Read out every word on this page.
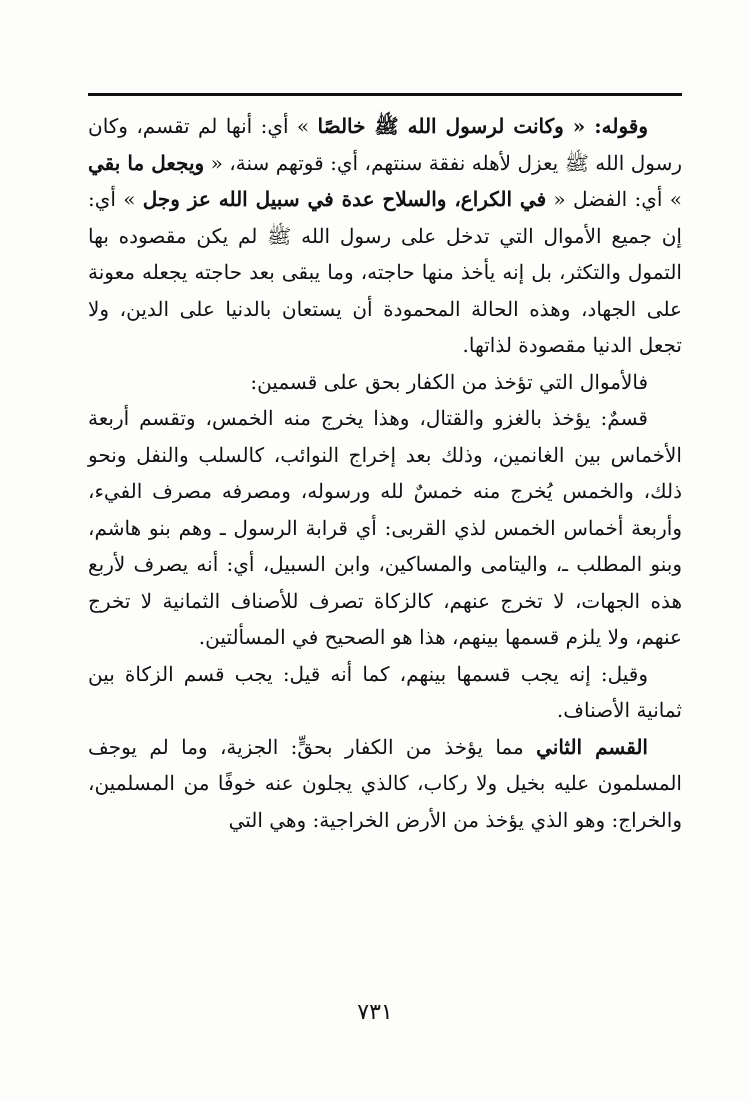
وقوله: « وكانت لرسول الله ﷺ خالصًا » أي: أنها لم تقسم، وكان رسول الله ﷺ يعزل لأهله نفقة سنتهم، أي: قوتهم سنة، « ويجعل ما بقي » أي: الفضل « في الكراع، والسلاح عدة في سبيل الله عز وجل » أي: إن جميع الأموال التي تدخل على رسول الله ﷺ لم يكن مقصوده بها التمول والتكثر، بل إنه يأخذ منها حاجته، وما يبقى بعد حاجته يجعله معونة على الجهاد، وهذه الحالة المحمودة أن يستعان بالدنيا على الدين، ولا تجعل الدنيا مقصودة لذاتها.

فالأموال التي تؤخذ من الكفار بحق على قسمين:

قسمٌ: يؤخذ بالغزو والقتال، وهذا يخرج منه الخمس، وتقسم أربعة الأخماس بين الغانمين، وذلك بعد إخراج النوائب، كالسلب والنفل ونحو ذلك، والخمس يُخرج منه خمسٌ لله ورسوله، ومصرفه مصرف الفيء، وأربعة أخماس الخمس لذي القربى: أي قرابة الرسول ـ وهم بنو هاشم، وبنو المطلب ـ، واليتامى والمساكين، وابن السبيل، أي: أنه يصرف لأربع هذه الجهات، لا تخرج عنهم، كالزكاة تصرف للأصناف الثمانية لا تخرج عنهم، ولا يلزم قسمها بينهم، هذا هو الصحيح في المسألتين.

وقيل: إنه يجب قسمها بينهم، كما أنه قيل: يجب قسم الزكاة بين ثمانية الأصناف.

القسم الثاني مما يؤخذ من الكفار بحقٍّ: الجزية، وما لم يوجف المسلمون عليه بخيل ولا ركاب، كالذي يجلون عنه خوفًا من المسلمين، والخراج: وهو الذي يؤخذ من الأرض الخراجية: وهي التي

٧٣١
